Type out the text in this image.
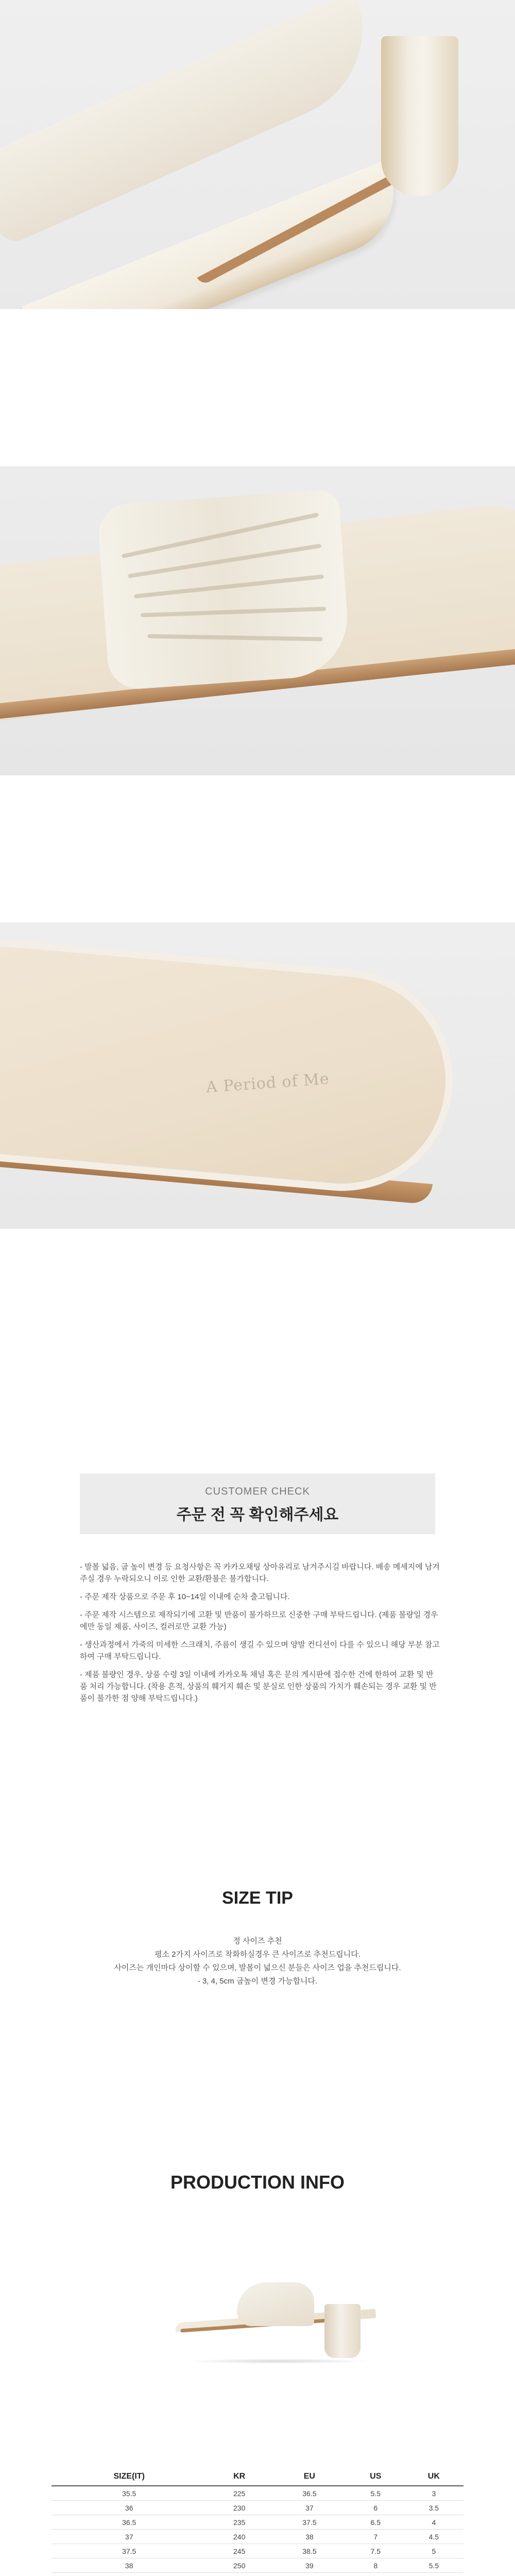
A Period of Me
CUSTOMER CHECK
주문 전 꼭 확인해주세요

- 발볼 넓음, 굽 높이 변경 등 요청사항은 꼭 카카오채팅 상아유리로 남겨주시길 바랍니다. 배송 메세지에 남겨주실 경우 누락되오니 이로 인한 교환/환불은 불가합니다.

- 주문 제작 상품으로 주문 후 10~14일 이내에 순차 출고됩니다.

- 주문 제작 시스템으로 제작되기에 고환 및 반품이 불가하므로 신중한 구매 부탁드립니다. (제품 불량일 경우에만 동일 제품, 사이즈, 컬러로만 교환 가능)

- 생산과정에서 가죽의 미세한 스크래치, 주름이 생길 수 있으며 양발 컨디션이 다를 수 있으니 해당 부분 참고하여 구매 부탁드립니다.

- 제품 불량인 경우, 상품 수령 3일 이내에 카카오톡 채널 혹은 문의 게시판에 접수한 건에 한하여 교환 및 반품 처리 가능합니다. (착용 흔적, 상품의 훼거지 훼손 및 분실로 인한 상품의 가치가 훼손되는 경우 교환 및 반품이 불가한 점 양해 부탁드립니다.)

SIZE TIP
정 사이즈 추천
평소 2가지 사이즈로 착화하실경우 큰 사이즈로 추천드립니다.
사이즈는 개인마다 상이할 수 있으며, 발볼이 넓으신 분들은 사이즈 업을 추천드립니다.
- 3, 4, 5cm 굽높이 변경 가능합니다.
PRODUCTION INFO
SIZE(IT)	KR	EU	US	UK
35.5	225	36.5	5.5	3
36	230	37	6	3.5
36.5	235	37.5	6.5	4
37	240	38	7	4.5
37.5	245	38.5	7.5	5
38	250	39	8	5.5
